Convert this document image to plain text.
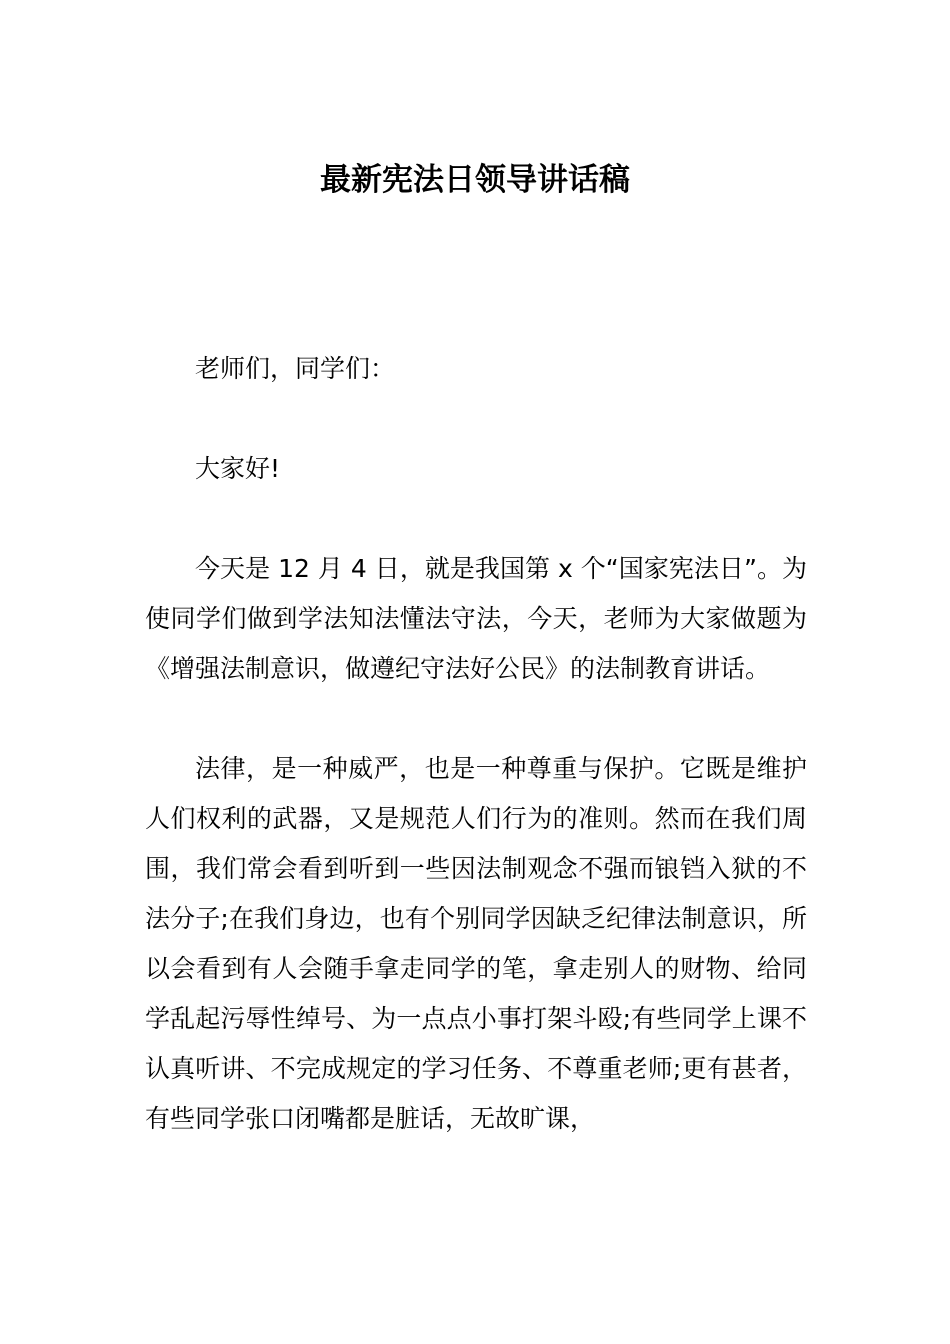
最新宪法日领导讲话稿

老师们，同学们：

大家好!

今天是 12 月 4 日，就是我国第 x 个“国家宪法日”。为使同学们做到学法知法懂法守法，今天，老师为大家做题为《增强法制意识，做遵纪守法好公民》的法制教育讲话。

法律，是一种威严，也是一种尊重与保护。它既是维护人们权利的武器，又是规范人们行为的准则。然而在我们周围，我们常会看到听到一些因法制观念不强而锒铛入狱的不法分子;在我们身边，也有个别同学因缺乏纪律法制意识，所以会看到有人会随手拿走同学的笔，拿走别人的财物、给同学乱起污辱性绰号、为一点点小事打架斗殴;有些同学上课不认真听讲、不完成规定的学习任务、不尊重老师;更有甚者，有些同学张口闭嘴都是脏话，无故旷课，
